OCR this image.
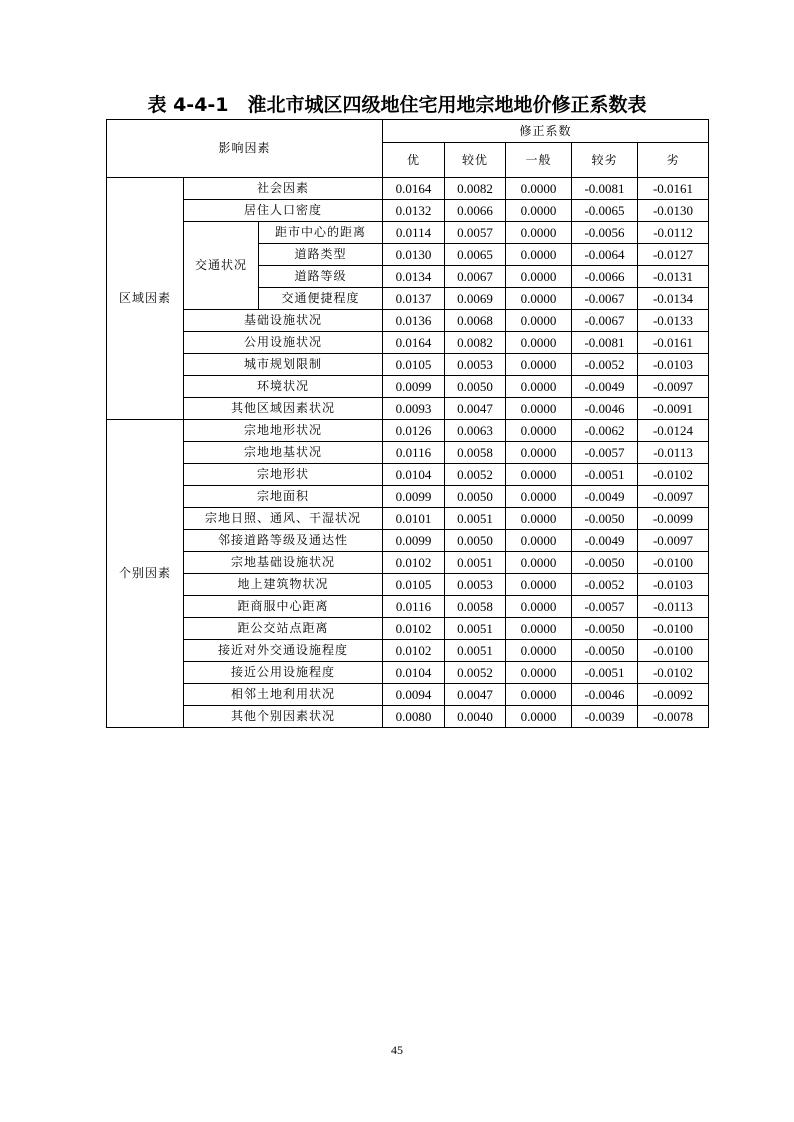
表 4-4-1　淮北市城区四级地住宅用地宗地地价修正系数表
影响因素			修正系数				
			优	较优	一般	较劣	劣
区域因素	社会因素		0.0164	0.0082	0.0000	-0.0081	-0.0161
	居住人口密度		0.0132	0.0066	0.0000	-0.0065	-0.0130
	交通状况	距市中心的距离	0.0114	0.0057	0.0000	-0.0056	-0.0112
		道路类型	0.0130	0.0065	0.0000	-0.0064	-0.0127
		道路等级	0.0134	0.0067	0.0000	-0.0066	-0.0131
		交通便捷程度	0.0137	0.0069	0.0000	-0.0067	-0.0134
	基础设施状况		0.0136	0.0068	0.0000	-0.0067	-0.0133
	公用设施状况		0.0164	0.0082	0.0000	-0.0081	-0.0161
	城市规划限制		0.0105	0.0053	0.0000	-0.0052	-0.0103
	环境状况		0.0099	0.0050	0.0000	-0.0049	-0.0097
	其他区域因素状况		0.0093	0.0047	0.0000	-0.0046	-0.0091
个别因素	宗地地形状况		0.0126	0.0063	0.0000	-0.0062	-0.0124
	宗地地基状况		0.0116	0.0058	0.0000	-0.0057	-0.0113
	宗地形状		0.0104	0.0052	0.0000	-0.0051	-0.0102
	宗地面积		0.0099	0.0050	0.0000	-0.0049	-0.0097
	宗地日照、通风、干湿状况		0.0101	0.0051	0.0000	-0.0050	-0.0099
	邻接道路等级及通达性		0.0099	0.0050	0.0000	-0.0049	-0.0097
	宗地基础设施状况		0.0102	0.0051	0.0000	-0.0050	-0.0100
	地上建筑物状况		0.0105	0.0053	0.0000	-0.0052	-0.0103
	距商服中心距离		0.0116	0.0058	0.0000	-0.0057	-0.0113
	距公交站点距离		0.0102	0.0051	0.0000	-0.0050	-0.0100
	接近对外交通设施程度		0.0102	0.0051	0.0000	-0.0050	-0.0100
	接近公用设施程度		0.0104	0.0052	0.0000	-0.0051	-0.0102
	相邻土地利用状况		0.0094	0.0047	0.0000	-0.0046	-0.0092
	其他个别因素状况		0.0080	0.0040	0.0000	-0.0039	-0.0078
45
